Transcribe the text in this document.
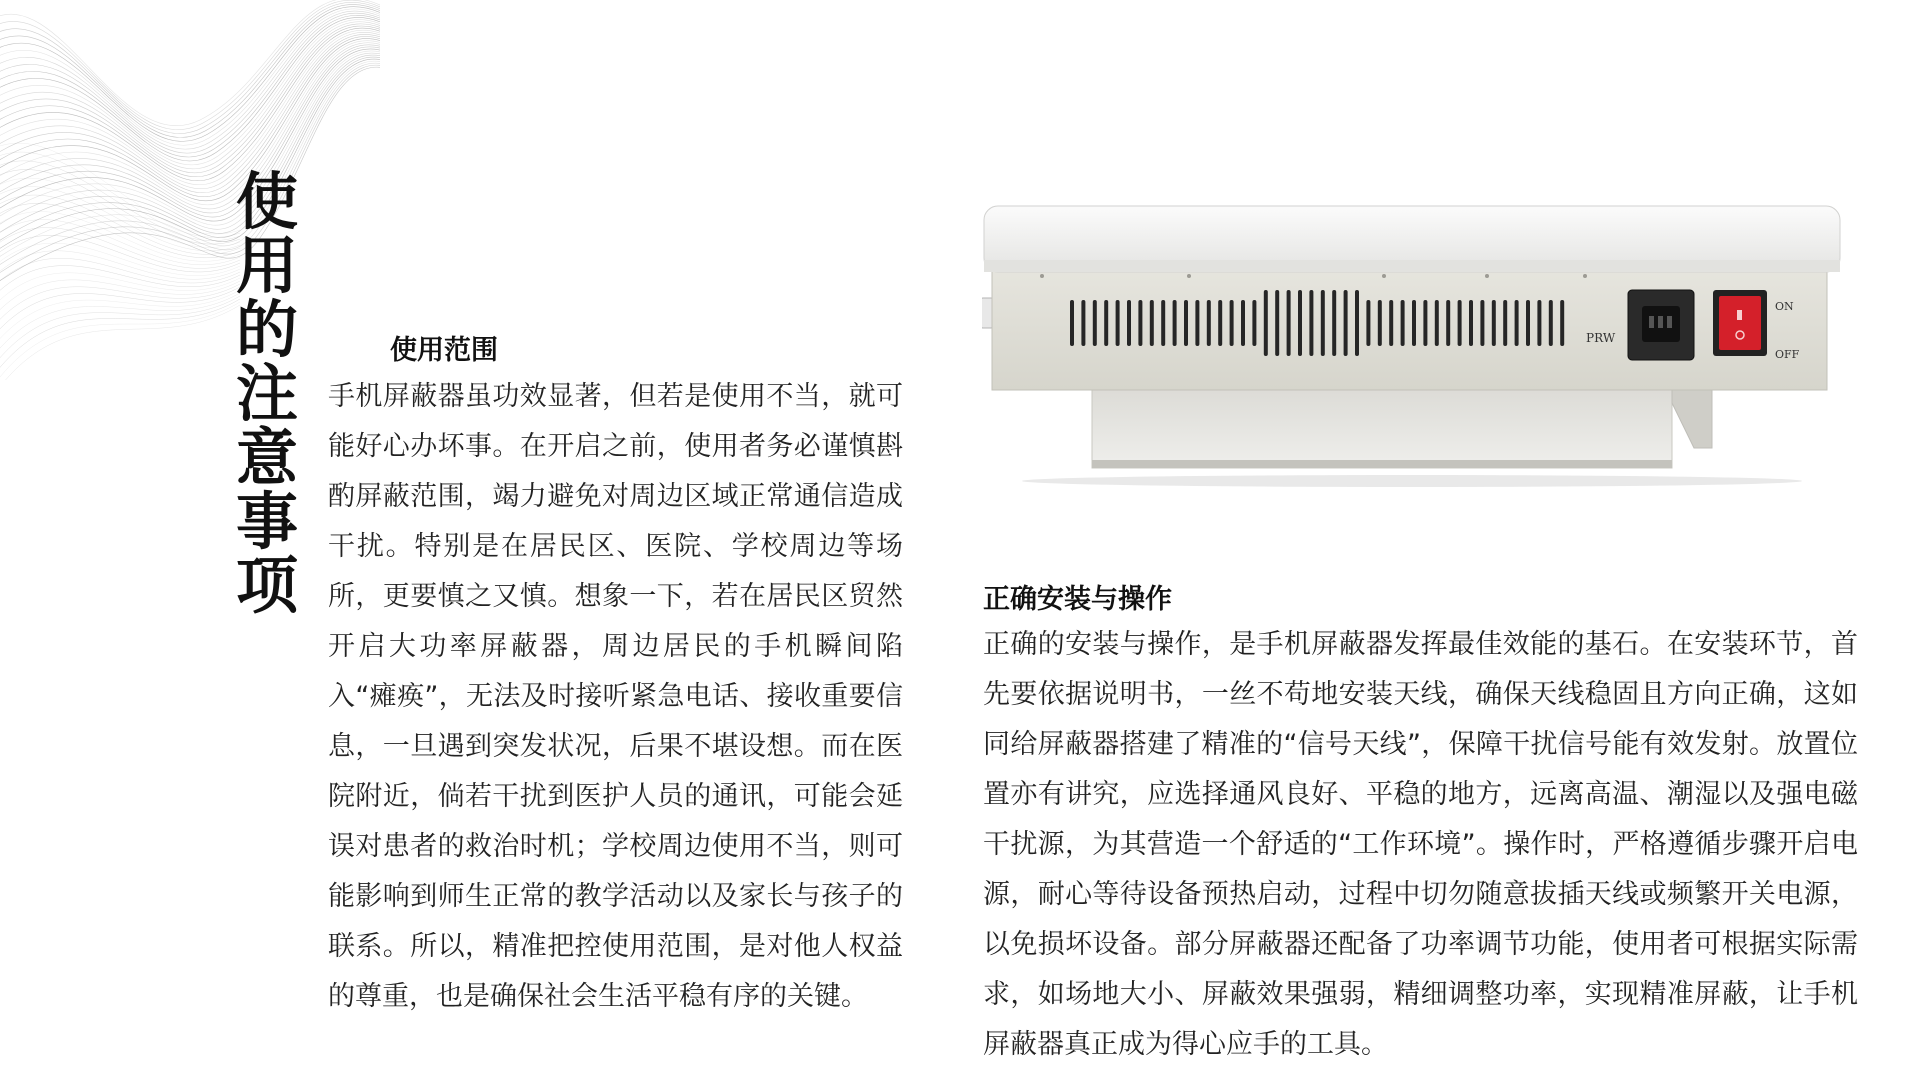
使
用
的
注
意
事
项
使用范围

手机屏蔽器虽功效显著，但若是使用不当，就可能好心办坏事。在开启之前，使用者务必谨慎斟酌屏蔽范围，竭力避免对周边区域正常通信造成干扰。特别是在居民区、医院、学校周边等场所，更要慎之又慎。想象一下，若在居民区贸然开启大功率屏蔽器，周边居民的手机瞬间陷入“瘫痪”，无法及时接听紧急电话、接收重要信息，一旦遇到突发状况，后果不堪设想。而在医院附近，倘若干扰到医护人员的通讯，可能会延误对患者的救治时机；学校周边使用不当，则可能影响到师生正常的教学活动以及家长与孩子的联系。所以，精准把控使用范围，是对他人权益的尊重，也是确保社会生活平稳有序的关键。

PRW
ON
OFF
正确安装与操作

正确的安装与操作，是手机屏蔽器发挥最佳效能的基石。在安装环节，首先要依据说明书，一丝不苟地安装天线，确保天线稳固且方向正确，这如同给屏蔽器搭建了精准的“信号天线”，保障干扰信号能有效发射。放置位置亦有讲究，应选择通风良好、平稳的地方，远离高温、潮湿以及强电磁干扰源，为其营造一个舒适的“工作环境”。操作时，严格遵循步骤开启电源，耐心等待设备预热启动，过程中切勿随意拔插天线或频繁开关电源，以免损坏设备。部分屏蔽器还配备了功率调节功能，使用者可根据实际需求，如场地大小、屏蔽效果强弱，精细调整功率，实现精准屏蔽，让手机屏蔽器真正成为得心应手的工具。
